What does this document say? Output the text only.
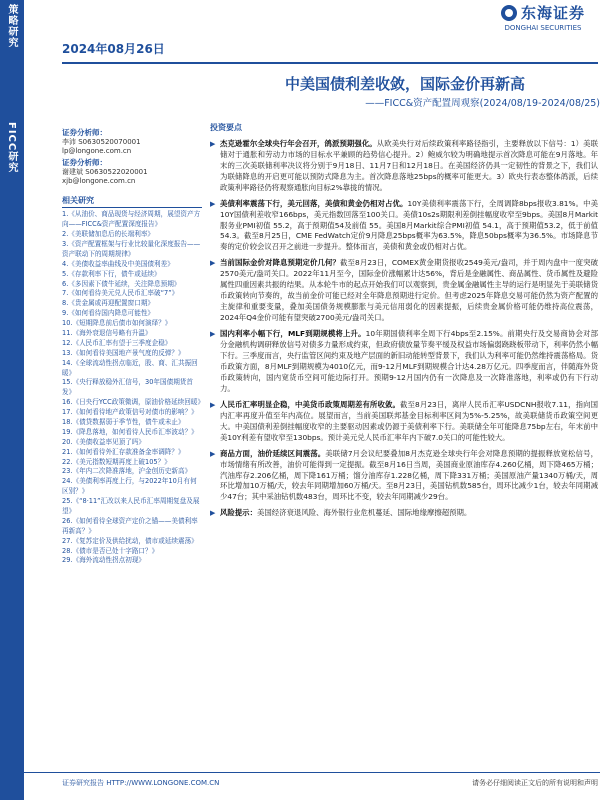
策略研究
FICC研究
2024年08月26日
东海证券
DONGHAI SECURITIES
中美国债利差收敛，国际金价再新高
——FICC&资产配置周观察(2024/08/19-2024/08/25)
证券分析师：
李沛 S0630520070001
lp@longone.com.cn
证券分析师：
谢建斌 S0630522020001
xjb@longone.com.cn
相关研究
1.《从油价、商品现货与经济周期，展望资产方向——FICC&资产配置深度报告》
2.《美联储加息后的长端利率》
3.《资产配置框架与行业比较量化深度报告——资产联动下的周期规律》
4.《美债收益率曲线及中美国债利差》
5.《存款利率下行，债牛或延续》
6.《多因素下债牛延续，关注降息预期》
7.《如何看待美元兑人民币汇率破“7”》
8.《贵金属或再迎配置窗口期》
9.《如何看待国内降息可能性》
10.《短期降息前后债市如何演绎？》
11.《海外衰退信号略有升温》
12.《人民币汇率有望于三季度企稳》
13.《如何看待美国地产景气度的反弹？》
14.《全球流动性拐点临近，股、商、汇共振回暖》
15.《央行释放稳外汇信号，30年国债期货首发》
16.《日央行YCC政策微调，原油价格延续回暖》
17.《如何看待地产政策信号对债市的影响？》
18.《债贷数据弱于季节性，债牛或未止》
19.《降息落地，如何看待人民币汇率波动？》
20.《美债收益率见顶了吗》
21.《如何看待外汇存款准备金率调降？》
22.《美元指数短期再度上破105？》
23.《年内二次降准落地，沪金创历史新高》
24.《美债利率再度上行，与2022年10月有何区别？》
25.《“8·11”汇改以来人民币汇率周期复盘及展望》
26.《如何看待全球资产定价之锚——美债利率再新高？》
27.《复苏定价及供给扰动，债市或延续震荡》
28.《债市是否已处十字路口？》
29.《海外流动性拐点初现》
投资要点
▶ 杰克逊霍尔全球央行年会召开，鸽派预期强化。从欧美央行对后续政策利率路径指引，主要释放以下信号：1）美联储对于通胀和劳动力市场的目标水平兼顾的趋势信心提升。2）鲍威尔较为明确地提示首次降息可能在9月落地。年末的三次美联储利率决议将分别于9月18日、11月7日和12月18日。在美国经济仍具一定韧性的背景之下，我们认为联储降息的开启更可能以预防式降息为主。首次降息落地25bps的概率可能更大。3）欧央行表态整体鸽派，后续政策利率路径仍将观察通胀向目标2%靠拢的情况。
▶ 美债利率震荡下行，美元回落，美债和黄金仍相对占优。10Y美债利率震荡下行，全周调降8bps报收3.81%。中美10Y国债利差收窄166bps，美元指数回落至100关口。美债10s2s期限利差倒挂幅度收窄至9bps。美国8月Markit服务业PMI初值 55.2，高于预期值54及前值 55。美国8月Markit综合PMI初值 54.1，高于预期值53.2，低于前值 54.3。截至8月25日，CME FedWatch定价9月降息25bps概率为63.5%，降息50bps概率为36.5%。市场降息节奏的定价较会议召开之前进一步提升。整体而言，美债和黄金或仍相对占优。
▶ 当前国际金价对降息预期定价几何？截至8月23日，COMEX黄金期货报收2549美元/盎司，并于周内盘中一度突破2570美元/盎司关口。2022年11月至今，国际金价涨幅累计达56%，背后是金融属性、商品属性、货币属性及避险属性四重因素共振的结果。从本轮牛市的起点开始我们可以观察到，贵金属金融属性主导的运行是明显先于美联储货币政策转向节奏的，故当前金价可能已经对全年降息预期进行定价。但考虑2025年降息交易可能仍然为资产配置的主旋律和重要变量，叠加美国债务规模膨胀与美元信用弱化的因素提振，后续贵金属价格可能仍维持高位震荡，2024年Q4金价可能有望突破2700美元/盎司关口。
▶ 国内利率小幅下行，MLF到期规模将上升。10年期国债利率全周下行4bps至2.15%。前期央行及交易商协会对部分金融机构调研释放信号对债多力量形成约束，但政府债放量节奏平缓及权益市场偏弱跷跷板带动下，利率仍然小幅下行。三季度而言，央行监管区间约束及地产层面的新旧动能转型背景下，我们认为利率可能仍然维持震荡格局。货币政策方面，8月MLF到期规模为4010亿元，而9-12月MLF到期规模合计达4.28万亿元。四季度而言，伴随海外货币政策转向，国内宽货币空间可能边际打开。预期9-12月国内仍有一次降息及一次降准落地，利率或仍有下行动力。
▶ 人民币汇率明显企稳，中美货币政策周期差有所收敛。截至8月23日，离岸人民币汇率USDCNH报收7.11，指向国内汇率再度升值至年内高位。展望而言，当前美国联邦基金目标利率区间为5%-5.25%，故美联储货币政策空间更大。中美国债利差倒挂幅度收窄的主要驱动因素或仍源于美债利率下行。美联储全年可能降息75bp左右，年末前中美10Y利差有望收窄至130bps。预计美元兑人民币汇率年内下破7.0关口的可能性较大。
▶ 商品方面，油价延续区间震荡。美联储7月会议纪要叠加8月杰克逊全球央行年会对降息预期的提振释放宽松信号，市场情绪有所改善，油价可能得到一定提振。截至8月16日当周，美国商业原油库存4.260亿桶，周下降465万桶；汽油库存2.206亿桶，周下降161万桶；馏分油库存1.228亿桶，周下降331万桶；美国原油产量1340万桶/天，周环比增加10万桶/天，较去年同期增加60万桶/天。至8月23日，美国钻机数585台，周环比减少1台，较去年同期减少47台；其中采油钻机数483台，周环比不变，较去年同期减少29台。
▶ 风险提示：美国经济衰退风险、海外银行业危机蔓延、国际地缘摩擦超预期。
证券研究报告 HTTP://WWW.LONGONE.COM.CN	请务必仔细阅读正文后的所有说明和声明
